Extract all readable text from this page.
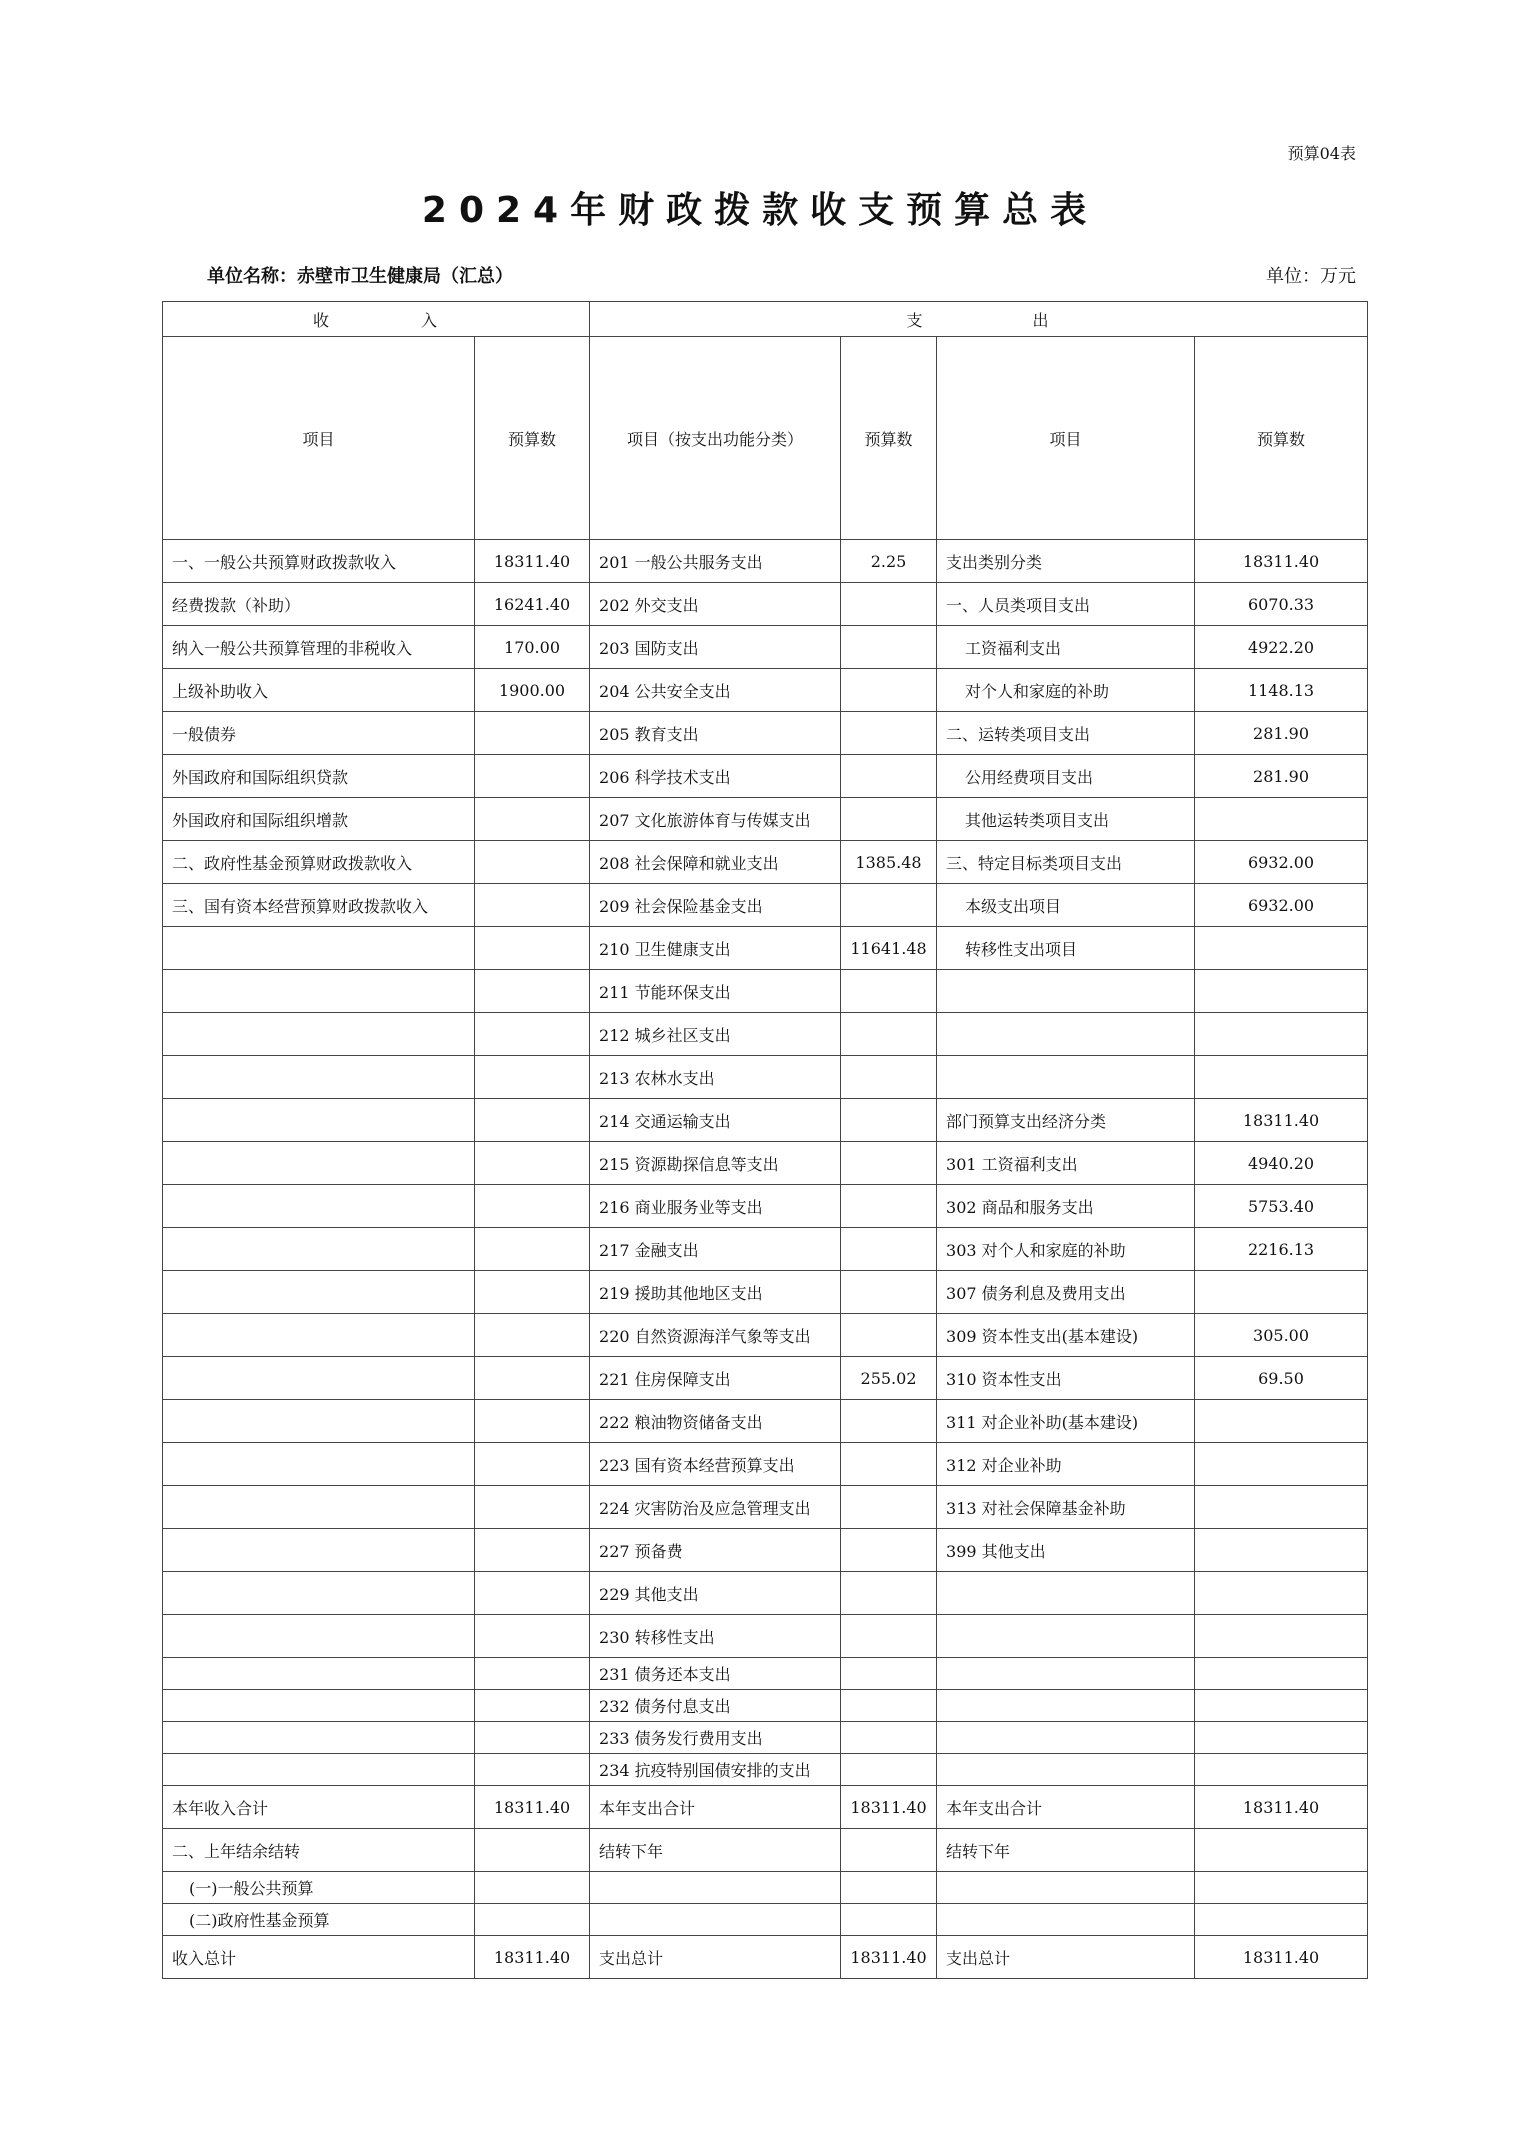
预算04表
2024年财政拨款收支预算总表
单位名称：赤壁市卫生健康局（汇总）	单位：万元
收　　　　　入		支　　　　　　出			
项目	预算数	项目（按支出功能分类）	预算数	项目	预算数
一、一般公共预算财政拨款收入	18311.40	201 一般公共服务支出	2.25	支出类别分类	18311.40
经费拨款（补助）	16241.40	202 外交支出		一、人员类项目支出	6070.33
纳入一般公共预算管理的非税收入	170.00	203 国防支出		工资福利支出	4922.20
上级补助收入	1900.00	204 公共安全支出		对个人和家庭的补助	1148.13
一般债券		205 教育支出		二、运转类项目支出	281.90
外国政府和国际组织贷款		206 科学技术支出		公用经费项目支出	281.90
外国政府和国际组织增款		207 文化旅游体育与传媒支出		其他运转类项目支出	
二、政府性基金预算财政拨款收入		208 社会保障和就业支出	1385.48	三、特定目标类项目支出	6932.00
三、国有资本经营预算财政拨款收入		209 社会保险基金支出		本级支出项目	6932.00
		210 卫生健康支出	11641.48	转移性支出项目	
		211 节能环保支出			
		212 城乡社区支出			
		213 农林水支出			
		214 交通运输支出		部门预算支出经济分类	18311.40
		215 资源勘探信息等支出		301 工资福利支出	4940.20
		216 商业服务业等支出		302 商品和服务支出	5753.40
		217 金融支出		303 对个人和家庭的补助	2216.13
		219 援助其他地区支出		307 债务利息及费用支出	
		220 自然资源海洋气象等支出		309 资本性支出(基本建设)	305.00
		221 住房保障支出	255.02	310 资本性支出	69.50
		222 粮油物资储备支出		311 对企业补助(基本建设)	
		223 国有资本经营预算支出		312 对企业补助	
		224 灾害防治及应急管理支出		313 对社会保障基金补助	
		227 预备费		399 其他支出	
		229 其他支出			
		230 转移性支出			
		231 债务还本支出			
		232 债务付息支出			
		233 债务发行费用支出			
		234 抗疫特别国债安排的支出			
本年收入合计	18311.40	本年支出合计	18311.40	本年支出合计	18311.40
二、上年结余结转		结转下年		结转下年	
(一)一般公共预算					
(二)政府性基金预算					
收入总计	18311.40	支出总计	18311.40	支出总计	18311.40
